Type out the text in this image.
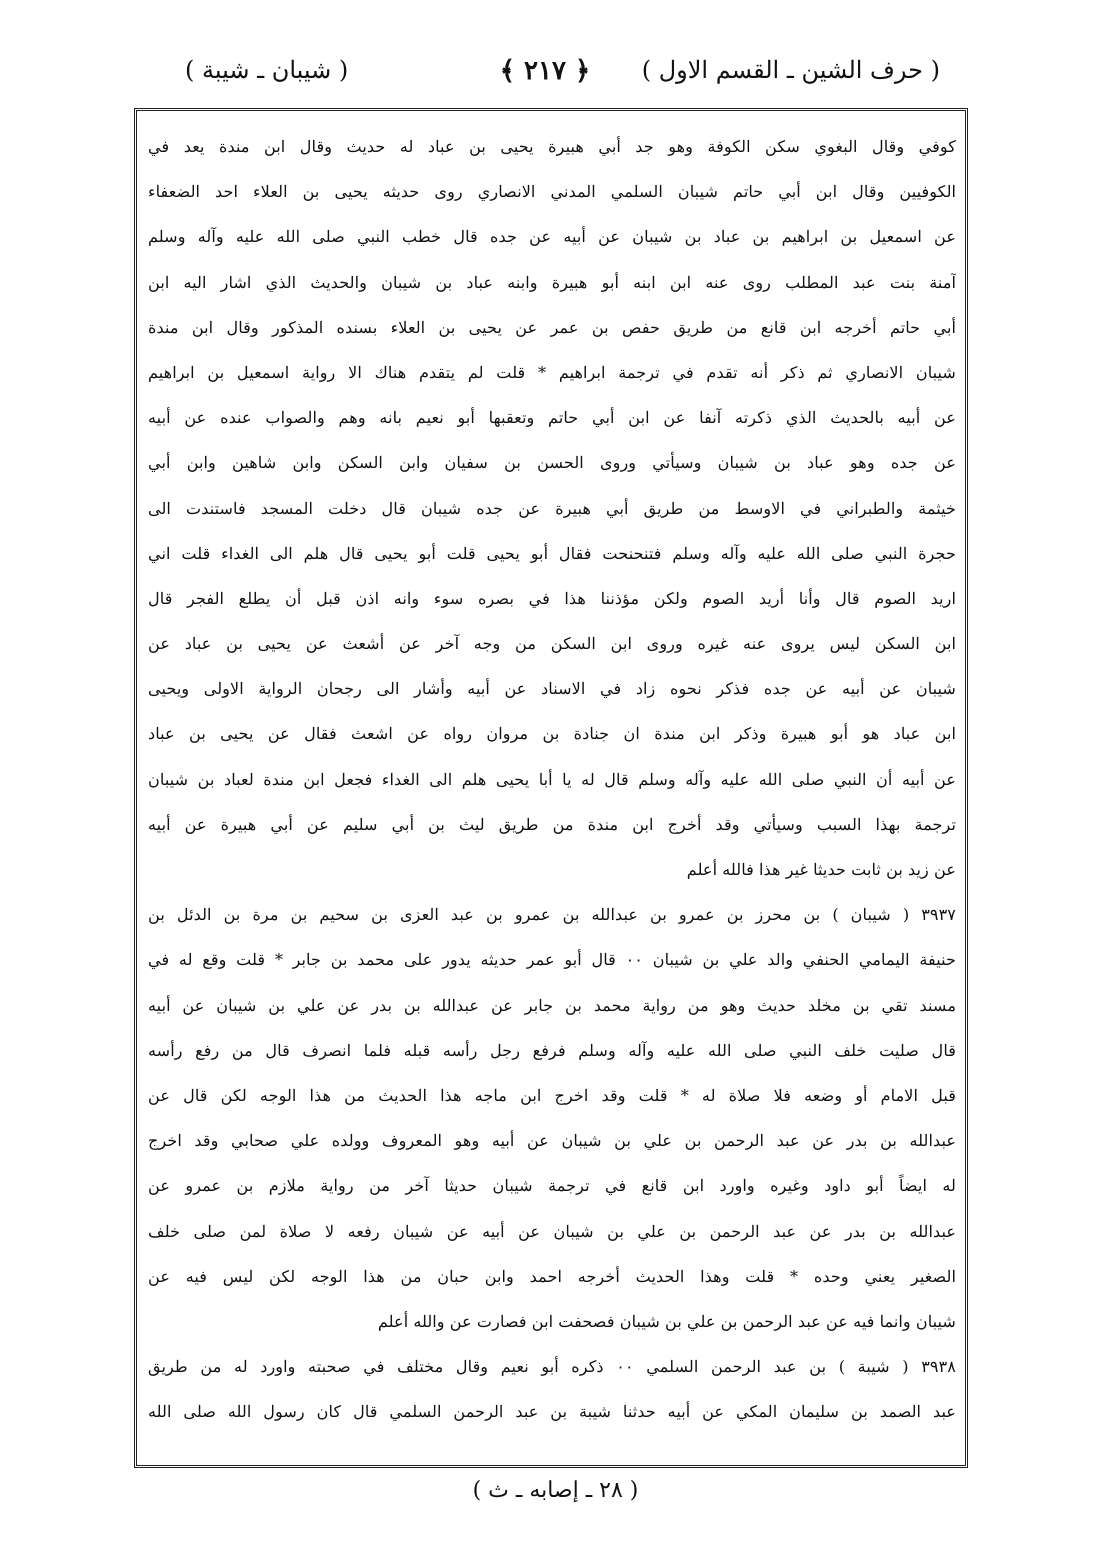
( شيبان ـ شيبة )	﴿ ٢١٧ ﴾ ( حرف الشين ـ القسم الاول )
كوفي وقال البغوي سكن الكوفة وهو جد أبي هبيرة يحيى بن عباد له حديث وقال ابن مندة يعد في
الكوفيين وقال ابن أبي حاتم شيبان السلمي المدني الانصاري روى حديثه يحيى بن العلاء احد الضعفاء
عن اسمعيل بن ابراهيم بن عباد بن شيبان عن أبيه عن جده قال خطب النبي صلى الله عليه وآله وسلم
آمنة بنت عبد المطلب روى عنه ابن ابنه أبو هبيرة وابنه عباد بن شيبان والحديث الذي اشار اليه ابن
أبي حاتم أخرجه ابن قانع من طريق حفص بن عمر عن يحيى بن العلاء بسنده المذكور وقال ابن مندة
شيبان الانصاري ثم ذكر أنه تقدم في ترجمة ابراهيم * قلت لم يتقدم هناك الا رواية اسمعيل بن ابراهيم
عن أبيه بالحديث الذي ذكرته آنفا عن ابن أبي حاتم وتعقبها أبو نعيم بانه وهم والصواب عنده عن أبيه
عن جده وهو عباد بن شيبان وسيأتي وروى الحسن بن سفيان وابن السكن وابن شاهين وابن أبي
خيثمة والطبراني في الاوسط من طريق أبي هبيرة عن جده شيبان قال دخلت المسجد فاستندت الى
حجرة النبي صلى الله عليه وآله وسلم فتنحنحت فقال أبو يحيى قلت أبو يحيى قال هلم الى الغداء قلت اني
اريد الصوم قال وأنا أريد الصوم ولكن مؤذننا هذا في بصره سوء وانه اذن قبل أن يطلع الفجر قال
ابن السكن ليس يروى عنه غيره وروى ابن السكن من وجه آخر عن أشعث عن يحيى بن عباد عن
شيبان عن أبيه عن جده فذكر نحوه زاد في الاسناد عن أبيه وأشار الى رجحان الرواية الاولى ويحيى
ابن عباد هو أبو هبيرة وذكر ابن مندة ان جنادة بن مروان رواه عن اشعث فقال عن يحيى بن عباد
عن أبيه أن النبي صلى الله عليه وآله وسلم قال له يا أبا يحيى هلم الى الغداء فجعل ابن مندة لعباد بن شيبان
ترجمة بهذا السبب وسيأتي وقد أخرج ابن مندة من طريق ليث بن أبي سليم عن أبي هبيرة عن أبيه
عن زيد بن ثابت حديثا غير هذا فالله أعلم
٣٩٣٧ ( شيبان ) بن محرز بن عمرو بن عبدالله بن عمرو بن عبد العزى بن سحيم بن مرة بن الدئل بن
حنيفة اليمامي الحنفي والد علي بن شيبان ٠٠ قال أبو عمر حديثه يدور على محمد بن جابر * قلت وقع له في
مسند تقي بن مخلد حديث وهو من رواية محمد بن جابر عن عبدالله بن بدر عن علي بن شيبان عن أبيه
قال صليت خلف النبي صلى الله عليه وآله وسلم فرفع رجل رأسه قبله فلما انصرف قال من رفع رأسه
قبل الامام أو وضعه فلا صلاة له * قلت وقد اخرج ابن ماجه هذا الحديث من هذا الوجه لكن قال عن
عبدالله بن بدر عن عبد الرحمن بن علي بن شيبان عن أبيه وهو المعروف وولده علي صحابي وقد اخرج
له ايضاً أبو داود وغيره واورد ابن قانع في ترجمة شيبان حديثا آخر من رواية ملازم بن عمرو عن
عبدالله بن بدر عن عبد الرحمن بن علي بن شيبان عن أبيه عن شيبان رفعه لا صلاة لمن صلى خلف
الصغير يعني وحده * قلت وهذا الحديث أخرجه احمد وابن حبان من هذا الوجه لكن ليس فيه عن
شيبان وانما فيه عن عبد الرحمن بن علي بن شيبان فصحفت ابن فصارت عن والله أعلم
٣٩٣٨ ( شيبة ) بن عبد الرحمن السلمي ٠٠ ذكره أبو نعيم وقال مختلف في صحبته واورد له من طريق
عبد الصمد بن سليمان المكي عن أبيه حدثنا شيبة بن عبد الرحمن السلمي قال كان رسول الله صلى الله
( ٢٨ ـ إصابه ـ ث )
